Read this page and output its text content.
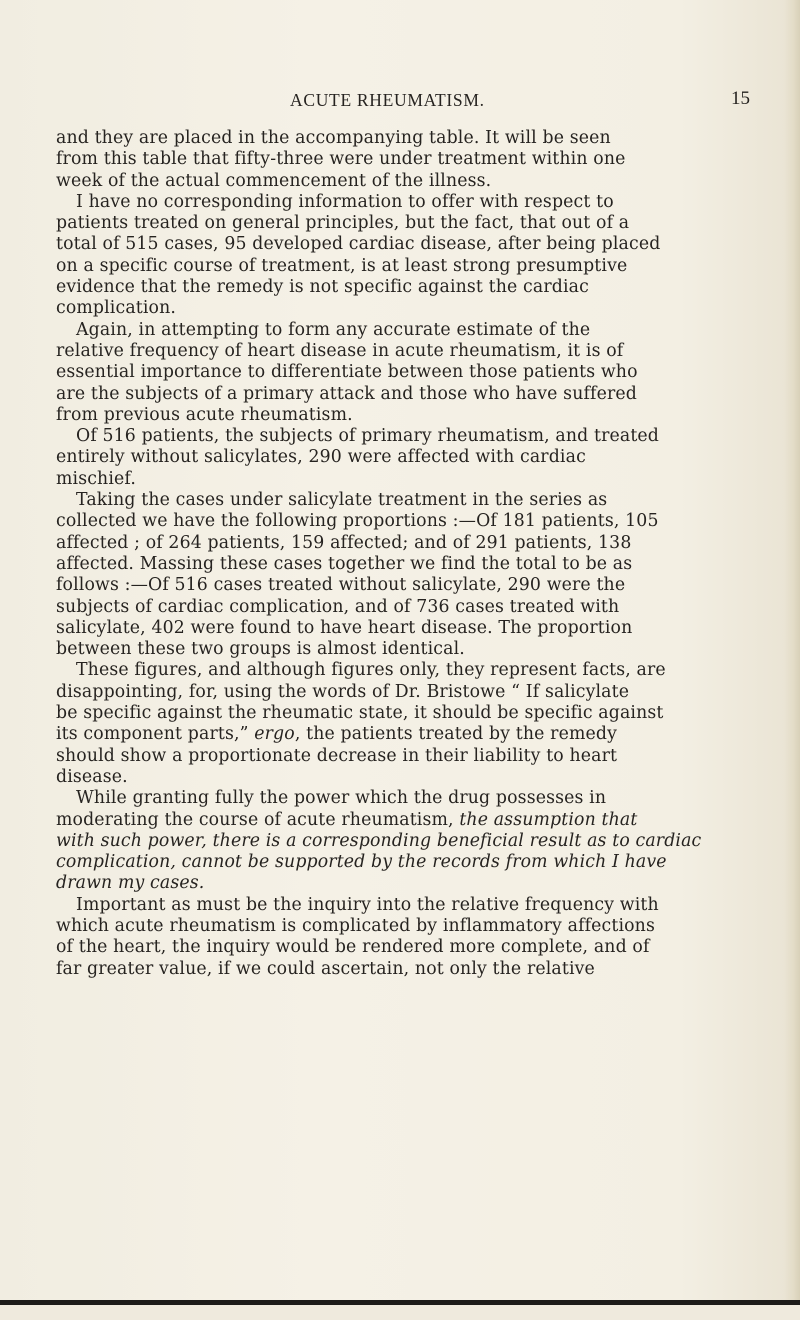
ACUTE RHEUMATISM.	15
and they are placed in the accompanying table. It will be seen
from this table that fifty-three were under treatment within one
week of the actual commencement of the illness.
I have no corresponding information to offer with respect to
patients treated on general principles, but the fact, that out of a
total of 515 cases, 95 developed cardiac disease, after being placed
on a specific course of treatment, is at least strong presumptive
evidence that the remedy is not specific against the cardiac
complication.
Again, in attempting to form any accurate estimate of the
relative frequency of heart disease in acute rheumatism, it is of
essential importance to differentiate between those patients who
are the subjects of a primary attack and those who have suffered
from previous acute rheumatism.
Of 516 patients, the subjects of primary rheumatism, and treated
entirely without salicylates, 290 were affected with cardiac
mischief.
Taking the cases under salicylate treatment in the series as
collected we have the following proportions :—Of 181 patients, 105
affected ; of 264 patients, 159 affected; and of 291 patients, 138
affected. Massing these cases together we find the total to be as
follows :—Of 516 cases treated without salicylate, 290 were the
subjects of cardiac complication, and of 736 cases treated with
salicylate, 402 were found to have heart disease. The proportion
between these two groups is almost identical.
These figures, and although figures only, they represent facts, are
disappointing, for, using the words of Dr. Bristowe “ If salicylate
be specific against the rheumatic state, it should be specific against
its component parts,” ergo, the patients treated by the remedy
should show a proportionate decrease in their liability to heart
disease.
While granting fully the power which the drug possesses in
moderating the course of acute rheumatism, the assumption that
with such power, there is a corresponding beneficial result as to cardiac
complication, cannot be supported by the records from which I have
drawn my cases.
Important as must be the inquiry into the relative frequency with
which acute rheumatism is complicated by inflammatory affections
of the heart, the inquiry would be rendered more complete, and of
far greater value, if we could ascertain, not only the relative
